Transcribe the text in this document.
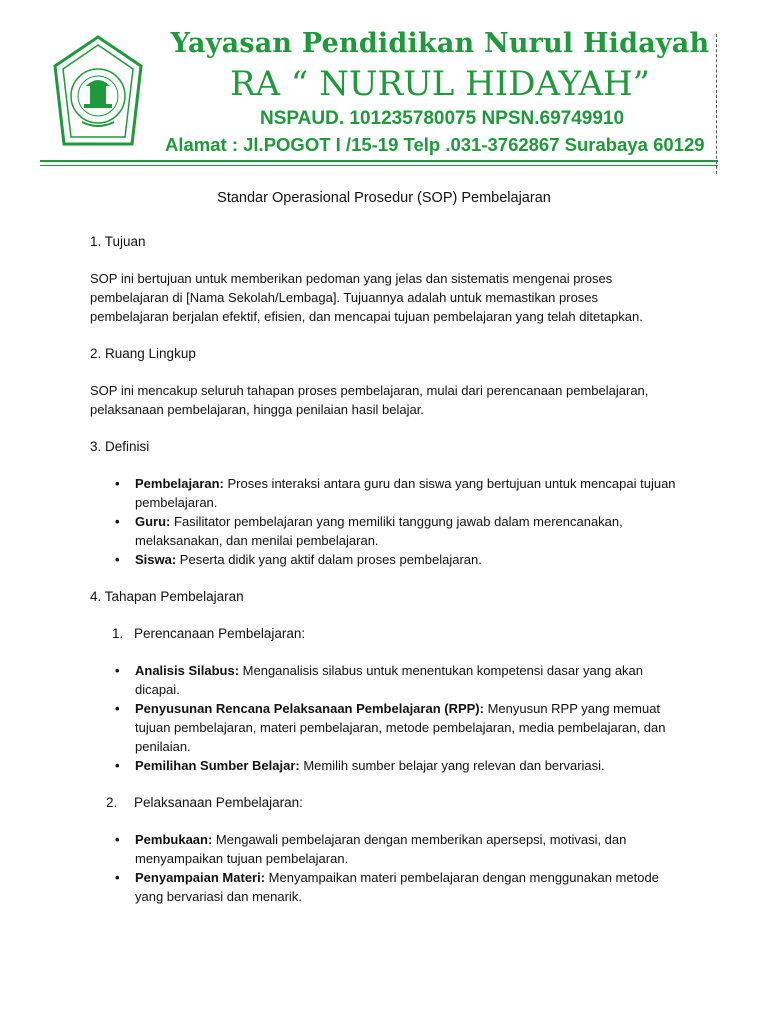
Yayasan Pendidikan Nurul Hidayah
RA “ NURUL HIDAYAH”
NSPAUD. 101235780075 NPSN.69749910
Alamat : Jl.POGOT I /15-19 Telp .031-3762867 Surabaya 60129
Standar Operasional Prosedur (SOP) Pembelajaran
1. Tujuan
SOP ini bertujuan untuk memberikan pedoman yang jelas dan sistematis mengenai proses pembelajaran di [Nama Sekolah/Lembaga]. Tujuannya adalah untuk memastikan proses pembelajaran berjalan efektif, efisien, dan mencapai tujuan pembelajaran yang telah ditetapkan.
2. Ruang Lingkup
SOP ini mencakup seluruh tahapan proses pembelajaran, mulai dari perencanaan pembelajaran, pelaksanaan pembelajaran, hingga penilaian hasil belajar.
3. Definisi
• Pembelajaran: Proses interaksi antara guru dan siswa yang bertujuan untuk mencapai tujuan pembelajaran.
• Guru: Fasilitator pembelajaran yang memiliki tanggung jawab dalam merencanakan, melaksanakan, dan menilai pembelajaran.
• Siswa: Peserta didik yang aktif dalam proses pembelajaran.
4. Tahapan Pembelajaran
1. Perencanaan Pembelajaran:
• Analisis Silabus: Menganalisis silabus untuk menentukan kompetensi dasar yang akan dicapai.
• Penyusunan Rencana Pelaksanaan Pembelajaran (RPP): Menyusun RPP yang memuat tujuan pembelajaran, materi pembelajaran, metode pembelajaran, media pembelajaran, dan penilaian.
• Pemilihan Sumber Belajar: Memilih sumber belajar yang relevan dan bervariasi.
2. Pelaksanaan Pembelajaran:
• Pembukaan: Mengawali pembelajaran dengan memberikan apersepsi, motivasi, dan menyampaikan tujuan pembelajaran.
• Penyampaian Materi: Menyampaikan materi pembelajaran dengan menggunakan metode yang bervariasi dan menarik.
